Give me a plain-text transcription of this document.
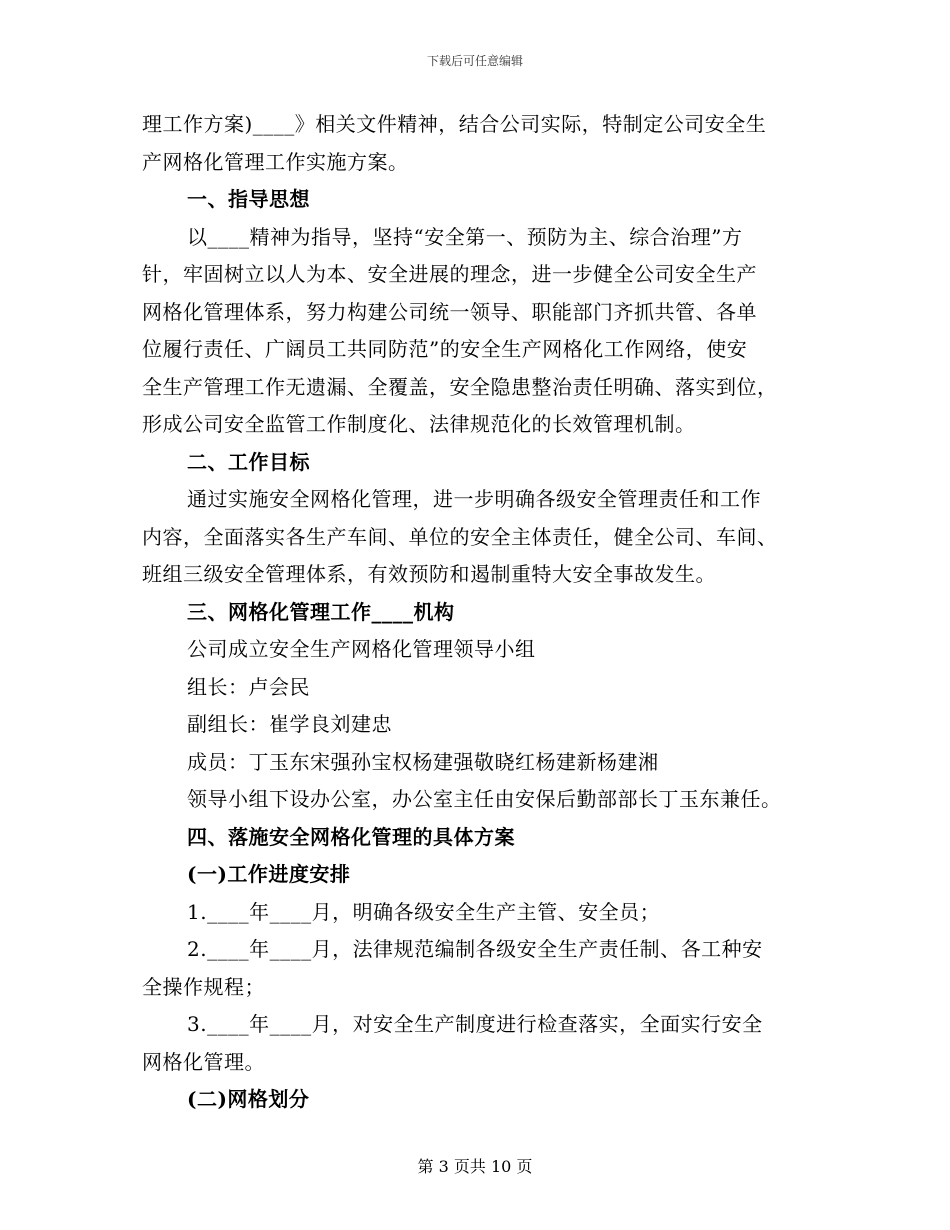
下载后可任意编辑
理工作方案)____》相关文件精神，结合公司实际，特制定公司安全生
产网格化管理工作实施方案。
一、指导思想
以____精神为指导，坚持“安全第一、预防为主、综合治理”方
针，牢固树立以人为本、安全进展的理念，进一步健全公司安全生产
网格化管理体系，努力构建公司统一领导、职能部门齐抓共管、各单
位履行责任、广阔员工共同防范”的安全生产网格化工作网络，使安
全生产管理工作无遗漏、全覆盖，安全隐患整治责任明确、落实到位，
形成公司安全监管工作制度化、法律规范化的长效管理机制。
二、工作目标
通过实施安全网格化管理，进一步明确各级安全管理责任和工作
内容，全面落实各生产车间、单位的安全主体责任，健全公司、车间、
班组三级安全管理体系，有效预防和遏制重特大安全事故发生。
三、网格化管理工作____机构
公司成立安全生产网格化管理领导小组
组长：卢会民
副组长：崔学良刘建忠
成员：丁玉东宋强孙宝权杨建强敬晓红杨建新杨建湘
领导小组下设办公室，办公室主任由安保后勤部部长丁玉东兼任。
四、落施安全网格化管理的具体方案
(一)工作进度安排
1.____年____月，明确各级安全生产主管、安全员；
2.____年____月，法律规范编制各级安全生产责任制、各工种安
全操作规程；
3.____年____月，对安全生产制度进行检查落实，全面实行安全
网格化管理。
(二)网格划分
第 3 页共 10 页
